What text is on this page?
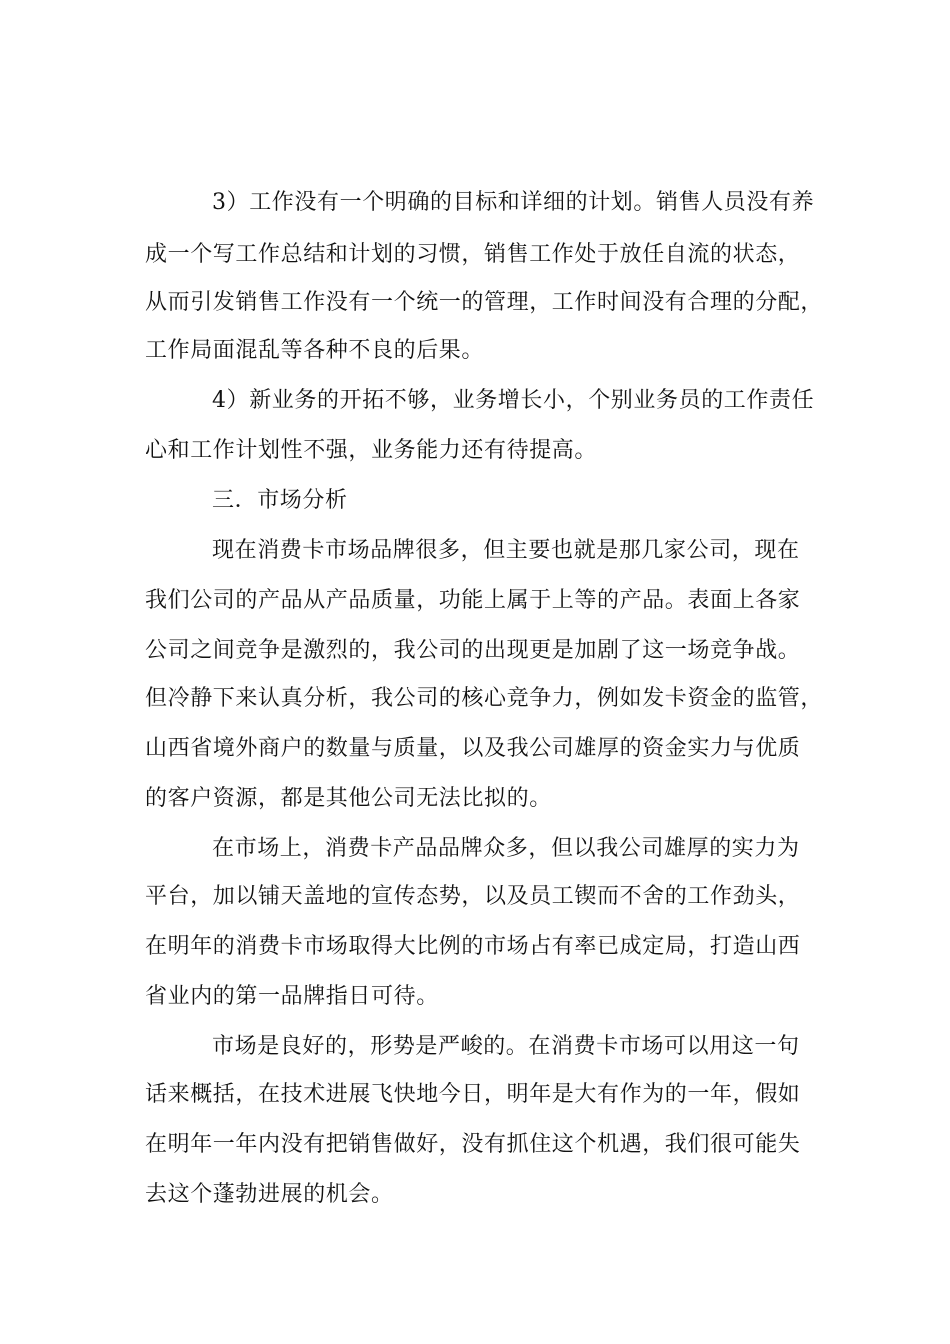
3）工作没有一个明确的目标和详细的计划。销售人员没有养
成一个写工作总结和计划的习惯，销售工作处于放任自流的状态，
从而引发销售工作没有一个统一的管理，工作时间没有合理的分配，
工作局面混乱等各种不良的后果。
4）新业务的开拓不够，业务增长小，个别业务员的工作责任
心和工作计划性不强，业务能力还有待提高。
三．市场分析
现在消费卡市场品牌很多，但主要也就是那几家公司，现在
我们公司的产品从产品质量，功能上属于上等的产品。表面上各家
公司之间竞争是激烈的，我公司的出现更是加剧了这一场竞争战。
但冷静下来认真分析，我公司的核心竞争力，例如发卡资金的监管，
山西省境外商户的数量与质量，以及我公司雄厚的资金实力与优质
的客户资源，都是其他公司无法比拟的。
在市场上，消费卡产品品牌众多，但以我公司雄厚的实力为
平台，加以铺天盖地的宣传态势，以及员工锲而不舍的工作劲头，
在明年的消费卡市场取得大比例的市场占有率已成定局，打造山西
省业内的第一品牌指日可待。
市场是良好的，形势是严峻的。在消费卡市场可以用这一句
话来概括，在技术进展飞快地今日，明年是大有作为的一年，假如
在明年一年内没有把销售做好，没有抓住这个机遇，我们很可能失
去这个蓬勃进展的机会。
